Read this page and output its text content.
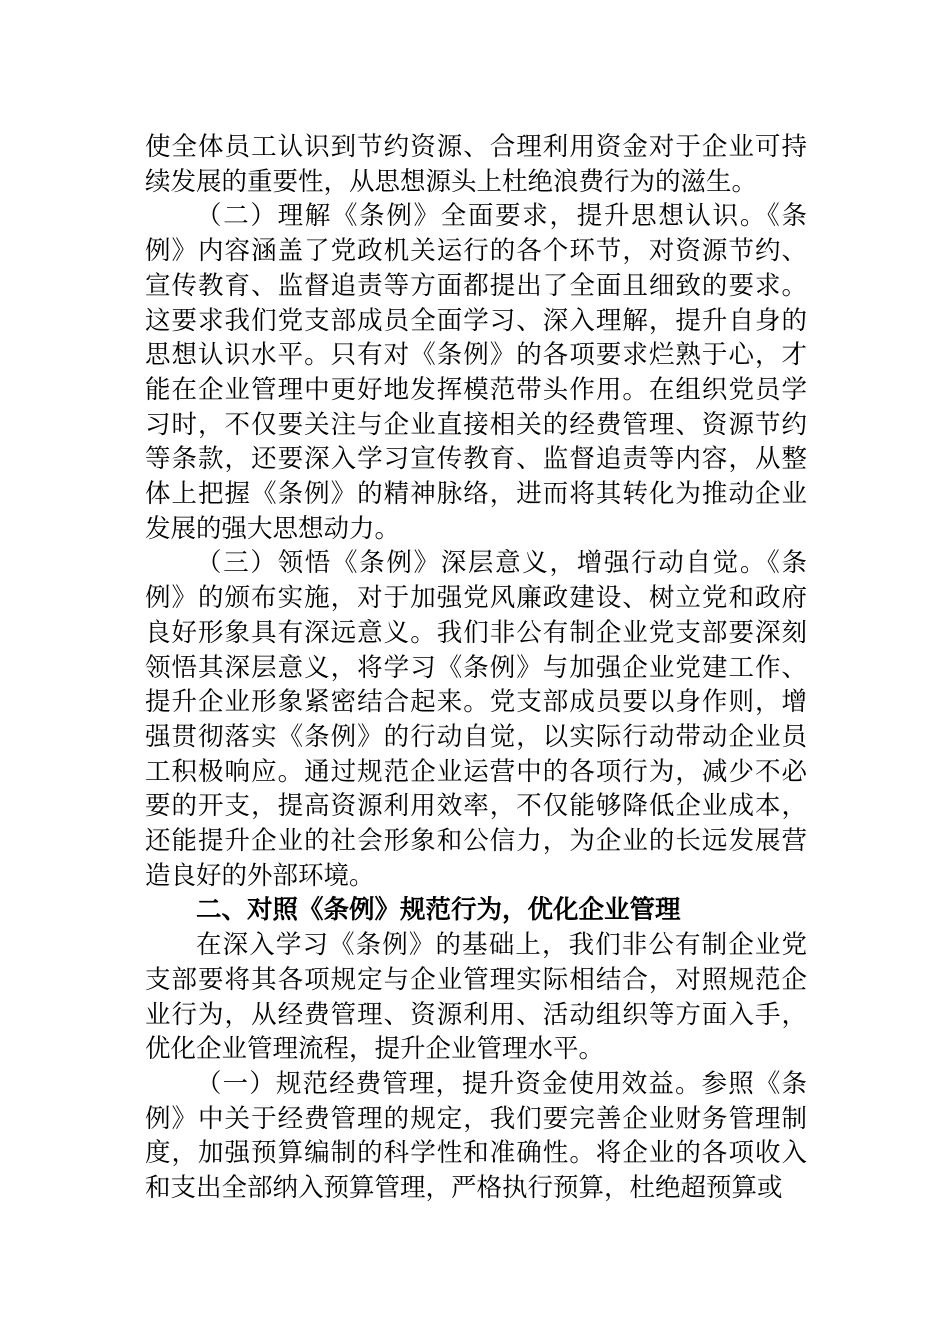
使全体员工认识到节约资源、合理利用资金对于企业可持续发展的重要性，从思想源头上杜绝浪费行为的滋生。

（二）理解《条例》全面要求，提升思想认识。《条例》内容涵盖了党政机关运行的各个环节，对资源节约、宣传教育、监督追责等方面都提出了全面且细致的要求。这要求我们党支部成员全面学习、深入理解，提升自身的思想认识水平。只有对《条例》的各项要求烂熟于心，才能在企业管理中更好地发挥模范带头作用。在组织党员学习时，不仅要关注与企业直接相关的经费管理、资源节约等条款，还要深入学习宣传教育、监督追责等内容，从整体上把握《条例》的精神脉络，进而将其转化为推动企业发展的强大思想动力。

（三）领悟《条例》深层意义，增强行动自觉。《条例》的颁布实施，对于加强党风廉政建设、树立党和政府良好形象具有深远意义。我们非公有制企业党支部要深刻领悟其深层意义，将学习《条例》与加强企业党建工作、提升企业形象紧密结合起来。党支部成员要以身作则，增强贯彻落实《条例》的行动自觉，以实际行动带动企业员工积极响应。通过规范企业运营中的各项行为，减少不必要的开支，提高资源利用效率，不仅能够降低企业成本，还能提升企业的社会形象和公信力，为企业的长远发展营造良好的外部环境。

二、对照《条例》规范行为，优化企业管理

在深入学习《条例》的基础上，我们非公有制企业党支部要将其各项规定与企业管理实际相结合，对照规范企业行为，从经费管理、资源利用、活动组织等方面入手，优化企业管理流程，提升企业管理水平。

（一）规范经费管理，提升资金使用效益。参照《条例》中关于经费管理的规定，我们要完善企业财务管理制度，加强预算编制的科学性和准确性。将企业的各项收入和支出全部纳入预算管理，严格执行预算，杜绝超预算或
